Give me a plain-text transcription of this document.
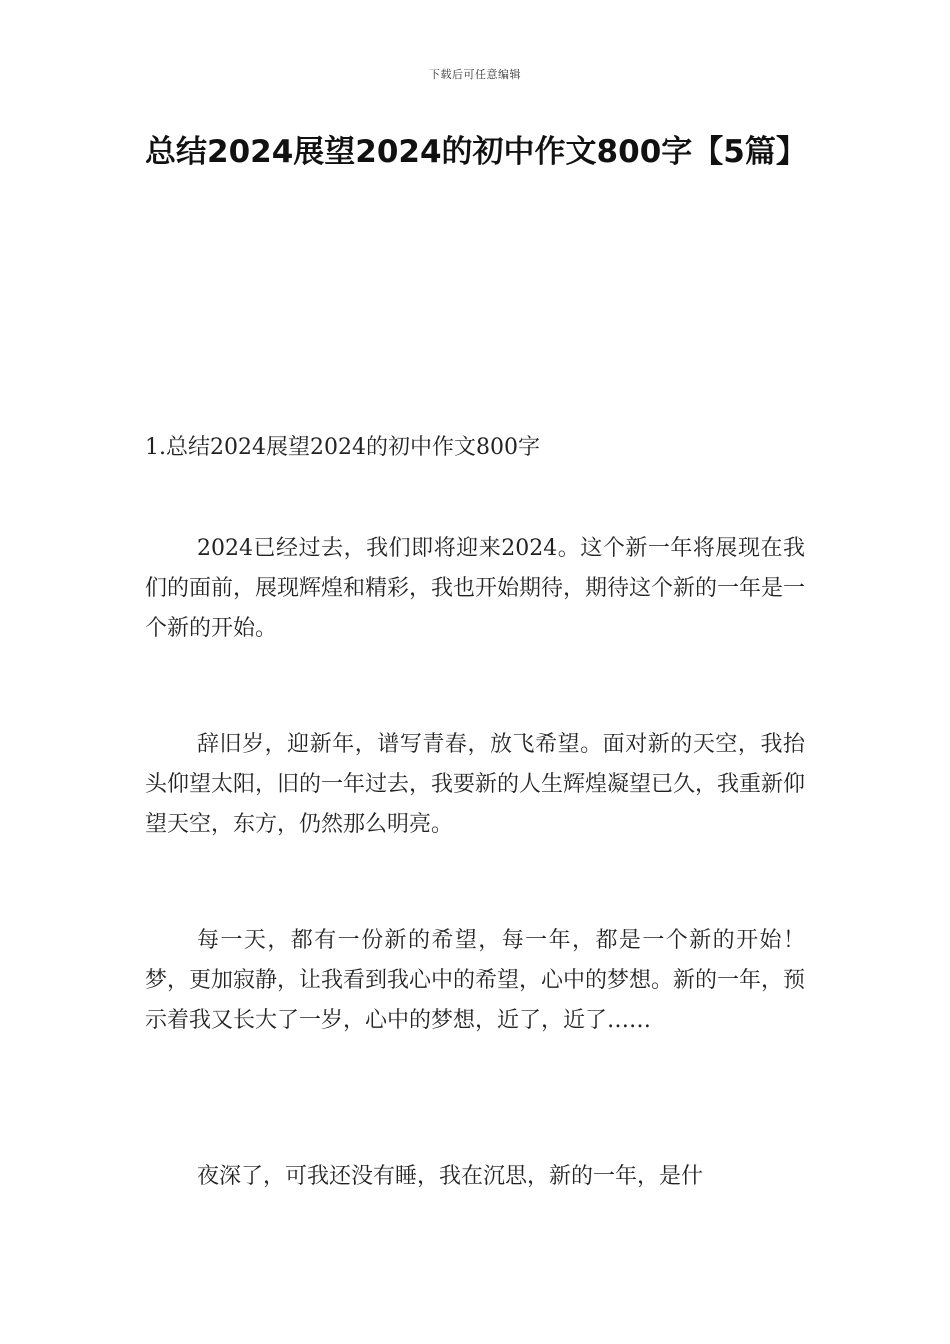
下载后可任意编辑
总结2024展望2024的初中作文800字【5篇】

1.总结2024展望2024的初中作文800字

2024已经过去，我们即将迎来2024。这个新一年将展现在我们的面前，展现辉煌和精彩，我也开始期待，期待这个新的一年是一个新的开始。

辞旧岁，迎新年，谱写青春，放飞希望。面对新的天空，我抬头仰望太阳，旧的一年过去，我要新的人生辉煌凝望已久，我重新仰望天空，东方，仍然那么明亮。

每一天，都有一份新的希望，每一年，都是一个新的开始！梦，更加寂静，让我看到我心中的希望，心中的梦想。新的一年，预示着我又长大了一岁，心中的梦想，近了，近了……

夜深了，可我还没有睡，我在沉思，新的一年，是什
